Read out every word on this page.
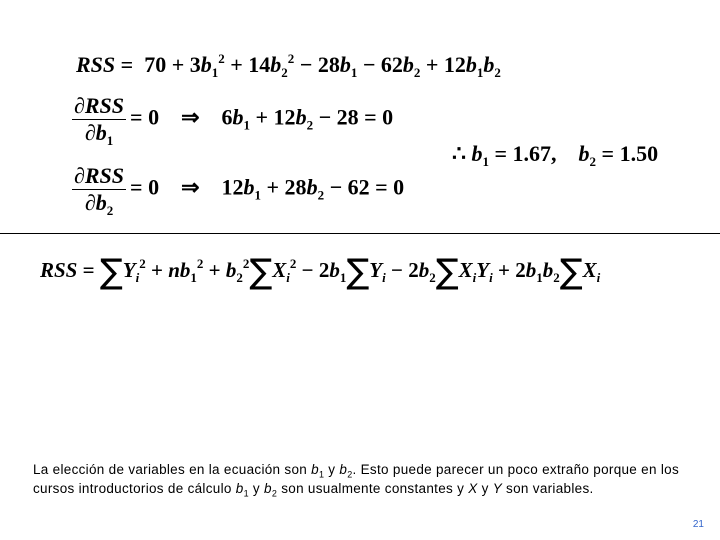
RSS =  $70 + 3b_1^2 + 14b_2^2 - 28b_1 - 62b_2 + 12b_1b_2$
$\frac{\text{∂RSS}}{\partial b_1} = 0$    ⇒    $6b_1 + 12b_2 - 28 = 0$
∴ $b_1 = 1.67$,    $b_2 = 1.50$
$\frac{\text{∂RSS}}{\partial b_2} = 0$    ⇒    $12b_1 + 28b_2 - 62 = 0$
RSS = $\sum Y_i^2 + nb_1^2 + b_2^2\sum X_i^2 - 2b_1\sum Y_i - 2b_2\sum X_iY_i + 2b_1b_2\sum X_i$
La elección de variables en la ecuación son $b_1$ y $b_2$. Esto puede parecer un poco extraño porque en los cursos introductorios de cálculo $b_1$ y $b_2$ son usualmente constantes y X y Y son variables.
21
